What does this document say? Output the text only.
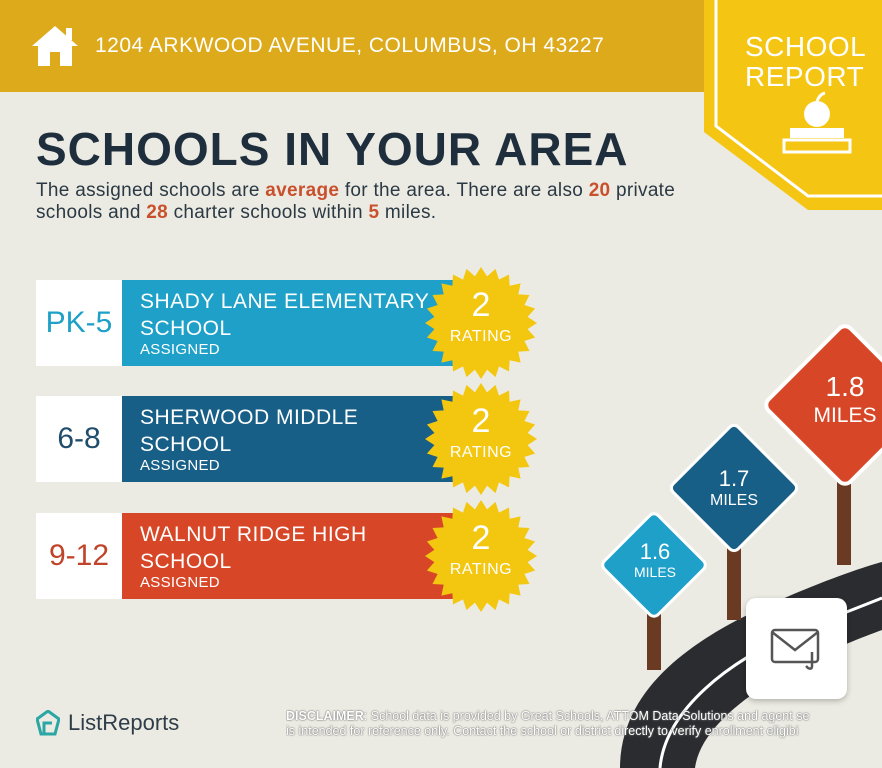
1204 ARKWOOD AVENUE, COLUMBUS, OH 43227	SCHOOL
REPORT
SCHOOLS IN YOUR AREA
The assigned schools are average for the area. There are also 20 private schools and 28 charter schools within 5 miles.
PK-5
SHADY LANE ELEMENTARY SCHOOL
ASSIGNED
6-8
SHERWOOD MIDDLE SCHOOL
ASSIGNED
9-12
WALNUT RIDGE HIGH SCHOOL
ASSIGNED
2
RATING
2
RATING
2
RATING
1.6
MILES
1.7
MILES
1.8
MILES
ListReports	DISCLAIMER: School data is provided by Great Schools, ATTOM Data Solutions and agent se
is intended for reference only. Contact the school or district directly to verify enrollment eligibi
